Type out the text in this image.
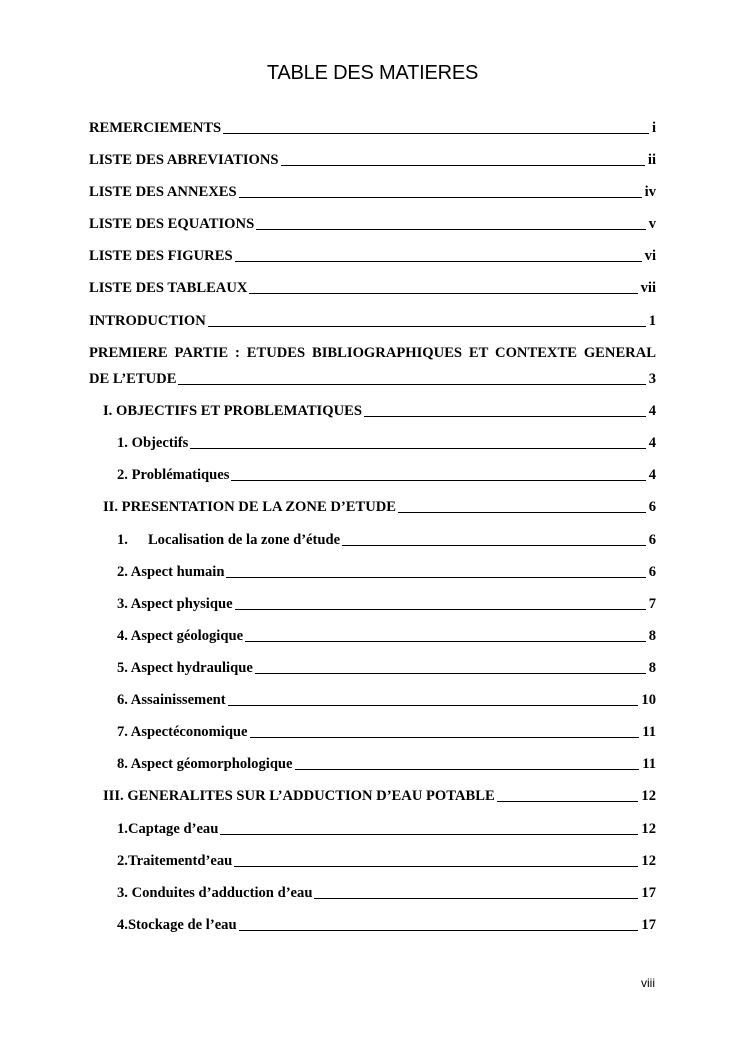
TABLE DES MATIERES
REMERCIEMENTS	i
LISTE DES ABREVIATIONS	ii
LISTE DES ANNEXES	iv
LISTE DES EQUATIONS	v
LISTE DES FIGURES	vi
LISTE DES TABLEAUX	vii
INTRODUCTION	1
PREMIERE PARTIE : ETUDES BIBLIOGRAPHIQUES ET CONTEXTE GENERAL
DE L’ETUDE	3
I. OBJECTIFS ET PROBLEMATIQUES	4
1. Objectifs	4
2. Problématiques	4
II. PRESENTATION DE LA ZONE D’ETUDE	6
1. Localisation de la zone d’étude	6
2. Aspect humain	6
3. Aspect physique	7
4. Aspect géologique	8
5. Aspect hydraulique	8
6. Assainissement	10
7. Aspectéconomique	11
8. Aspect géomorphologique	11
III. GENERALITES SUR L’ADDUCTION D’EAU POTABLE	12
1.Captage d’eau	12
2.Traitementd’eau	12
3. Conduites d’adduction d’eau	17
4.Stockage de l’eau	17
viii
